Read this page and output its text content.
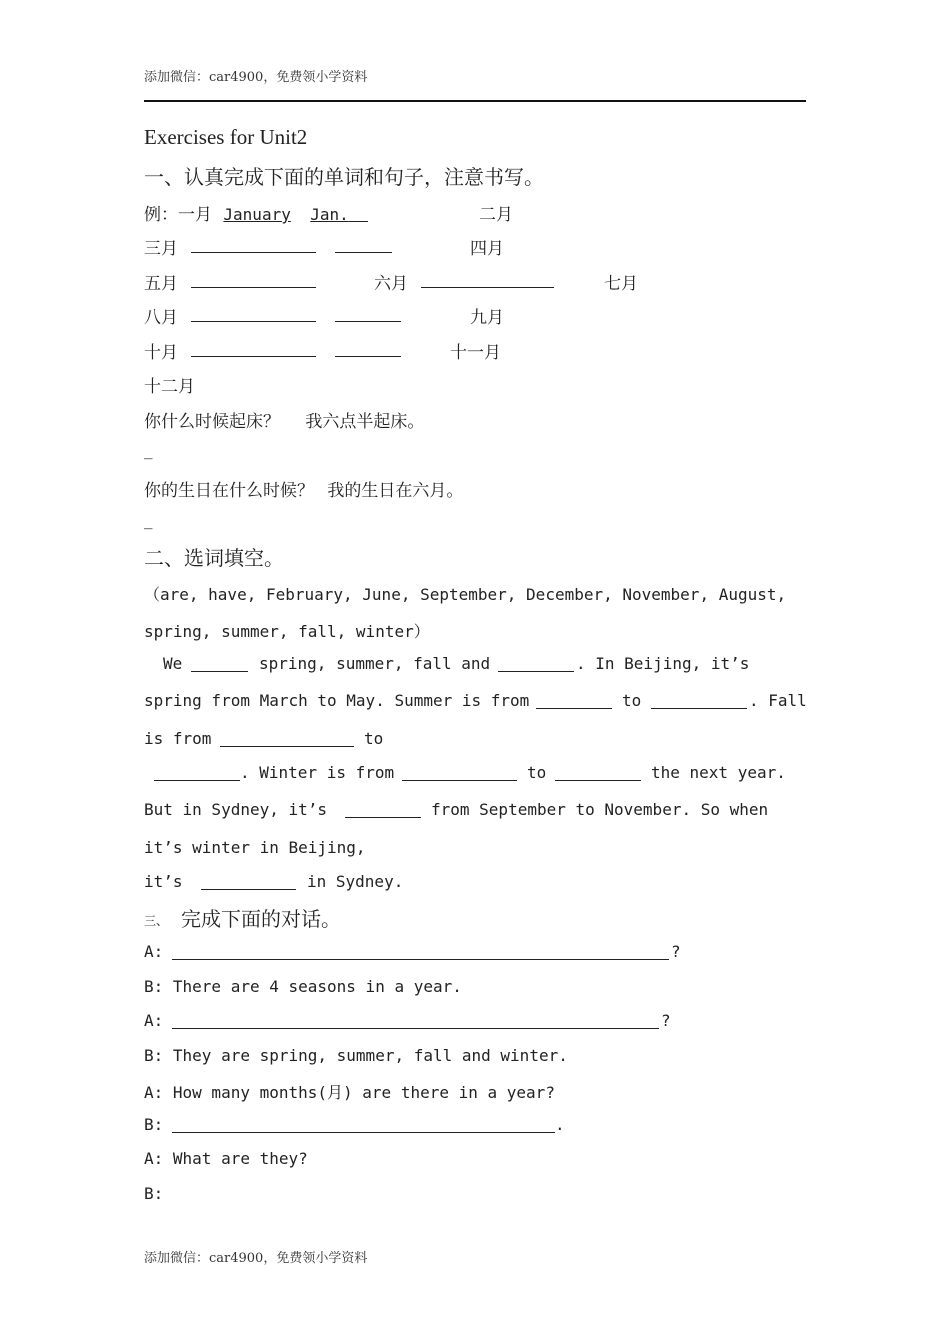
添加微信：car4900，免费领小学资料
Exercises for Unit2
一、认真完成下面的单词和句子，注意书写。
例：一月 January Jan.	二月
三月	四月
五月	六月	七月
八月	九月
十月	十一月
十二月
你什么时候起床？ 我六点半起床。
_
你的生日在什么时候？ 我的生日在六月。
_
二、选词填空。
（are, have, February, June, September, December, November, August,
spring, summer, fall, winter）
We	spring, summer, fall and	. In Beijing, it’s
spring from March to May. Summer is from	to	. Fall
is from	to
. Winter is from	to	the next year.
But in Sydney, it’s	from September to November. So when
it’s winter in Beijing,
it’s	in Sydney.
三、 完成下面的对话。
A:	?
B: There are 4 seasons in a year.
A:	?
B: They are spring, summer, fall and winter.
A: How many months(月) are there in a year?
B:	.
A: What are they?
B:
添加微信：car4900，免费领小学资料
